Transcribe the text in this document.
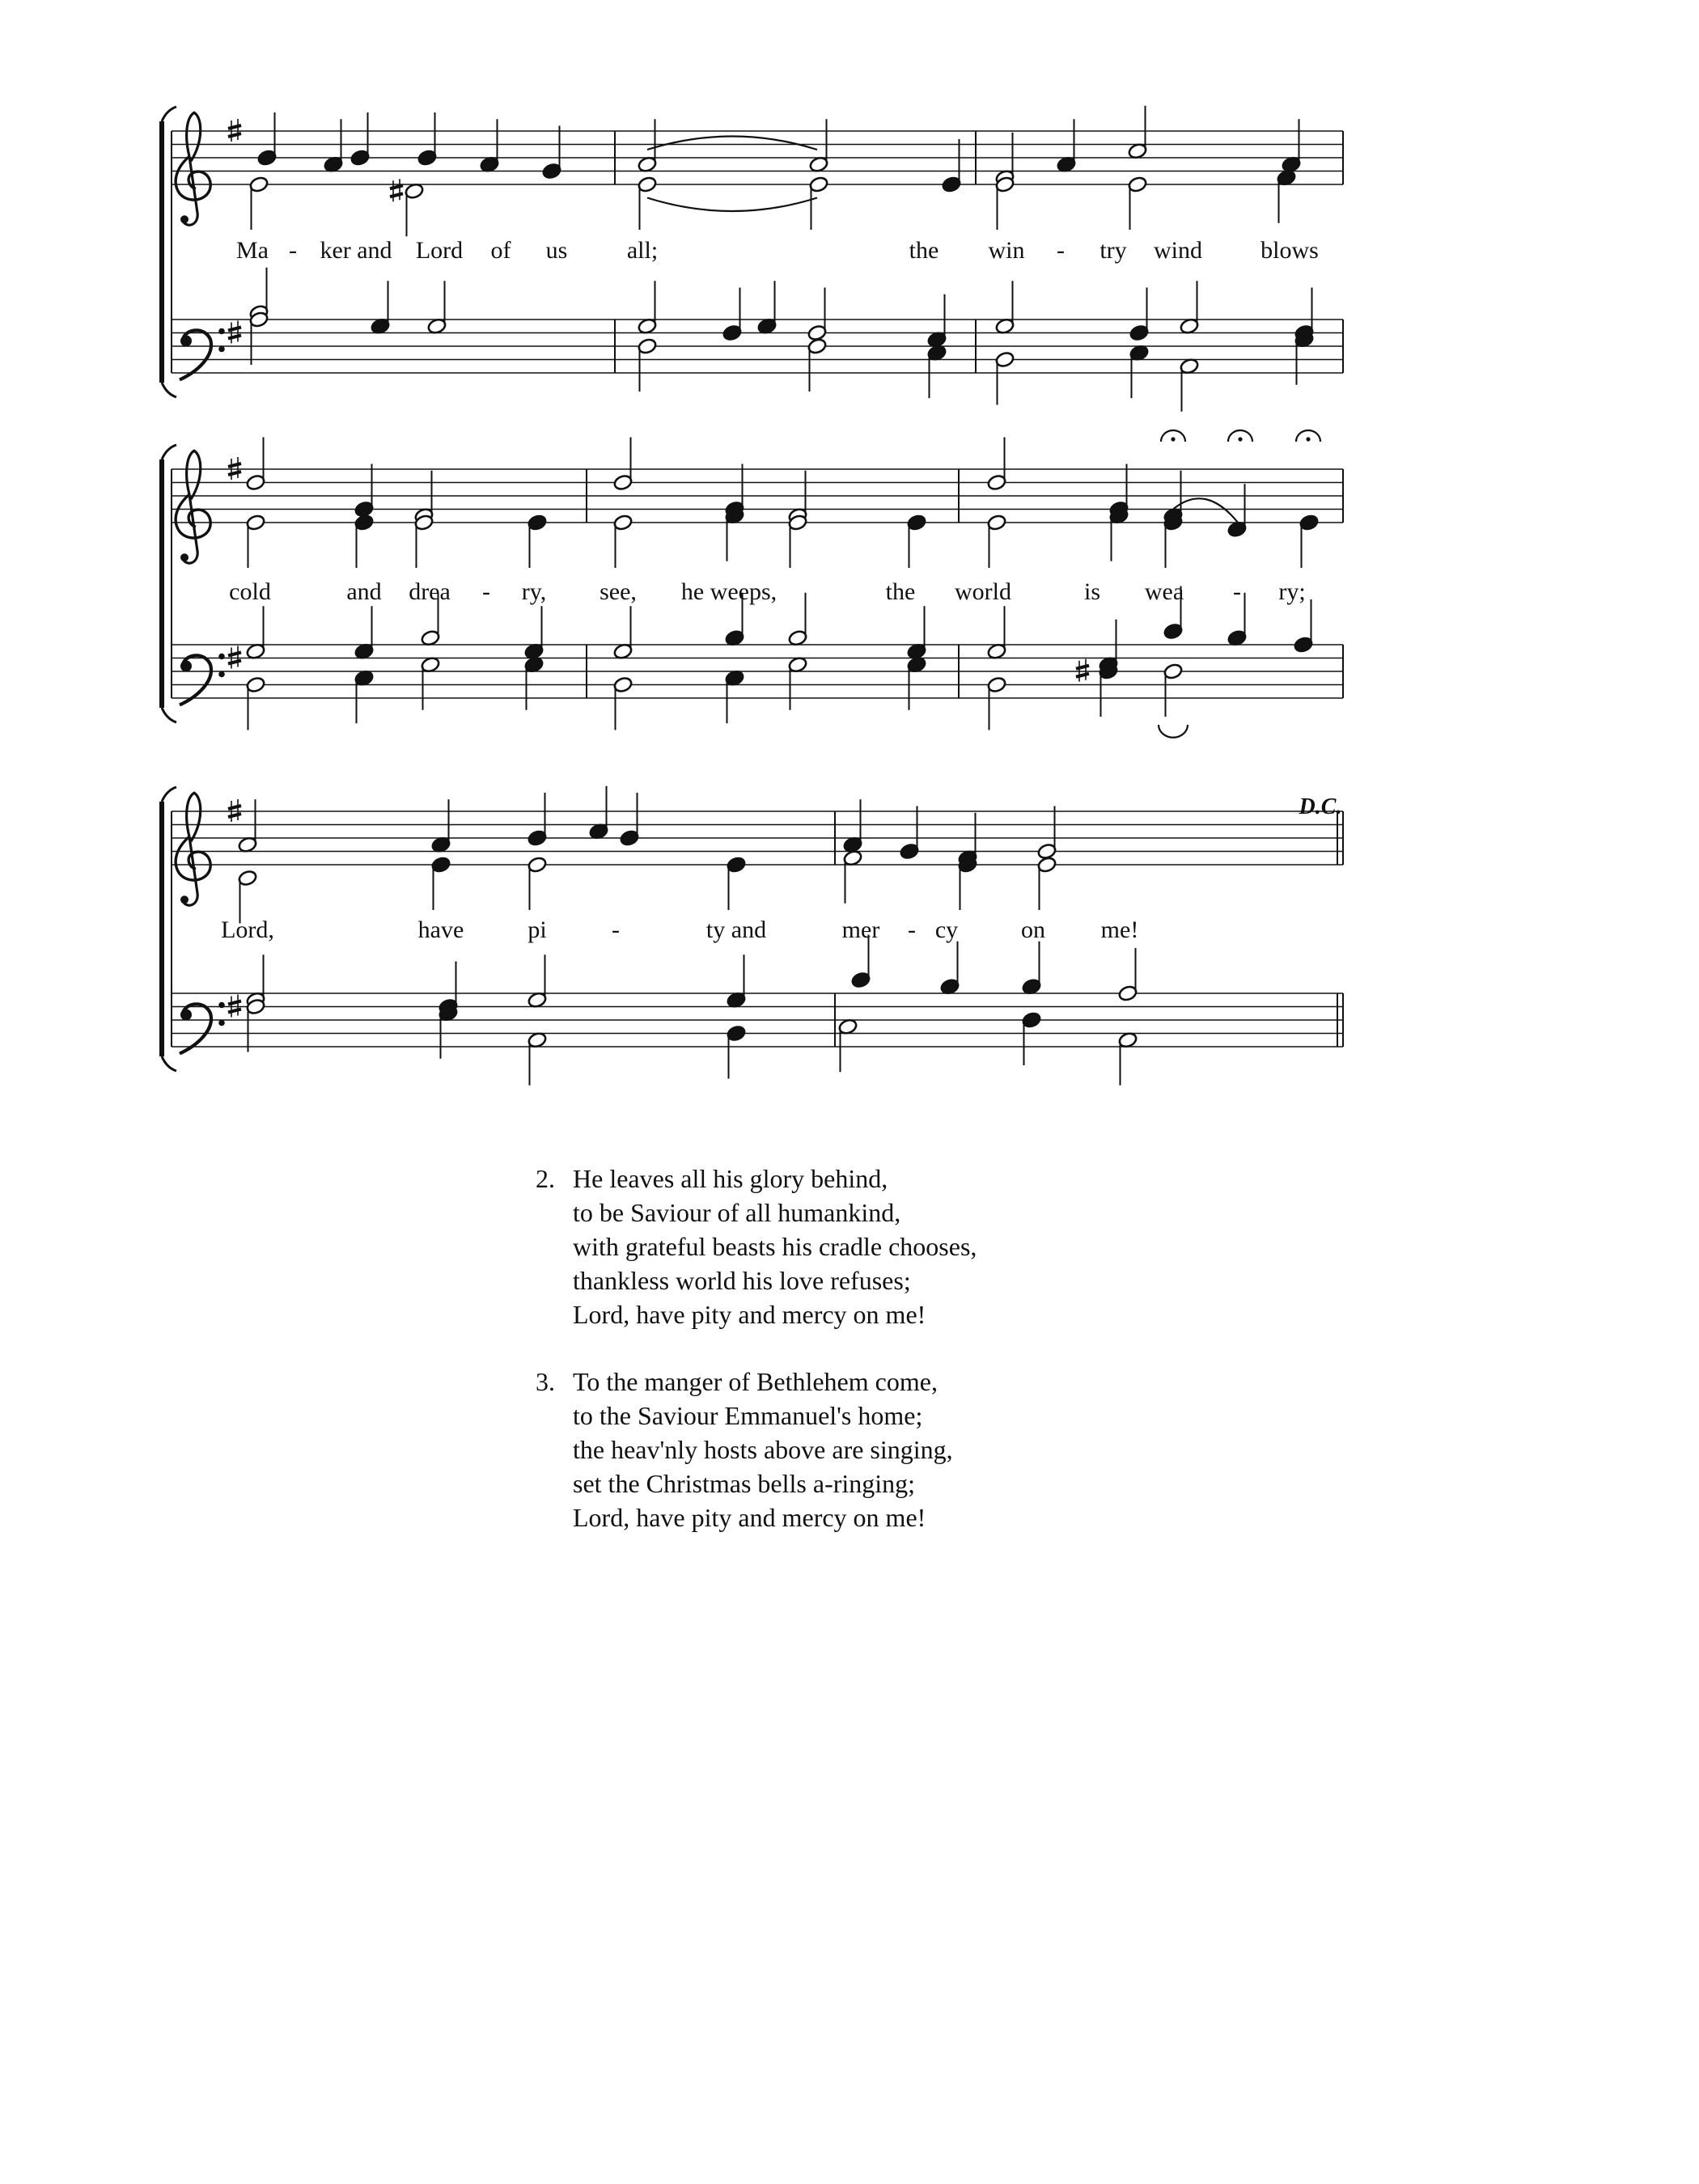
Ma - ker and Lord of us all;	the win - try wind blows
cold	and drea - ry, see, he weeps,	the world	is wea - ry;
Lord,	have	pi	-	ty and	mer - cy	on me!
D.C.
2. He leaves all his glory behind,
to be Saviour of all humankind,
with grateful beasts his cradle chooses,
thankless world his love refuses;
Lord, have pity and mercy on me!
3. To the manger of Bethlehem come,
to the Saviour Emmanuel's home;
the heav'nly hosts above are singing,
set the Christmas bells a-ringing;
Lord, have pity and mercy on me!
